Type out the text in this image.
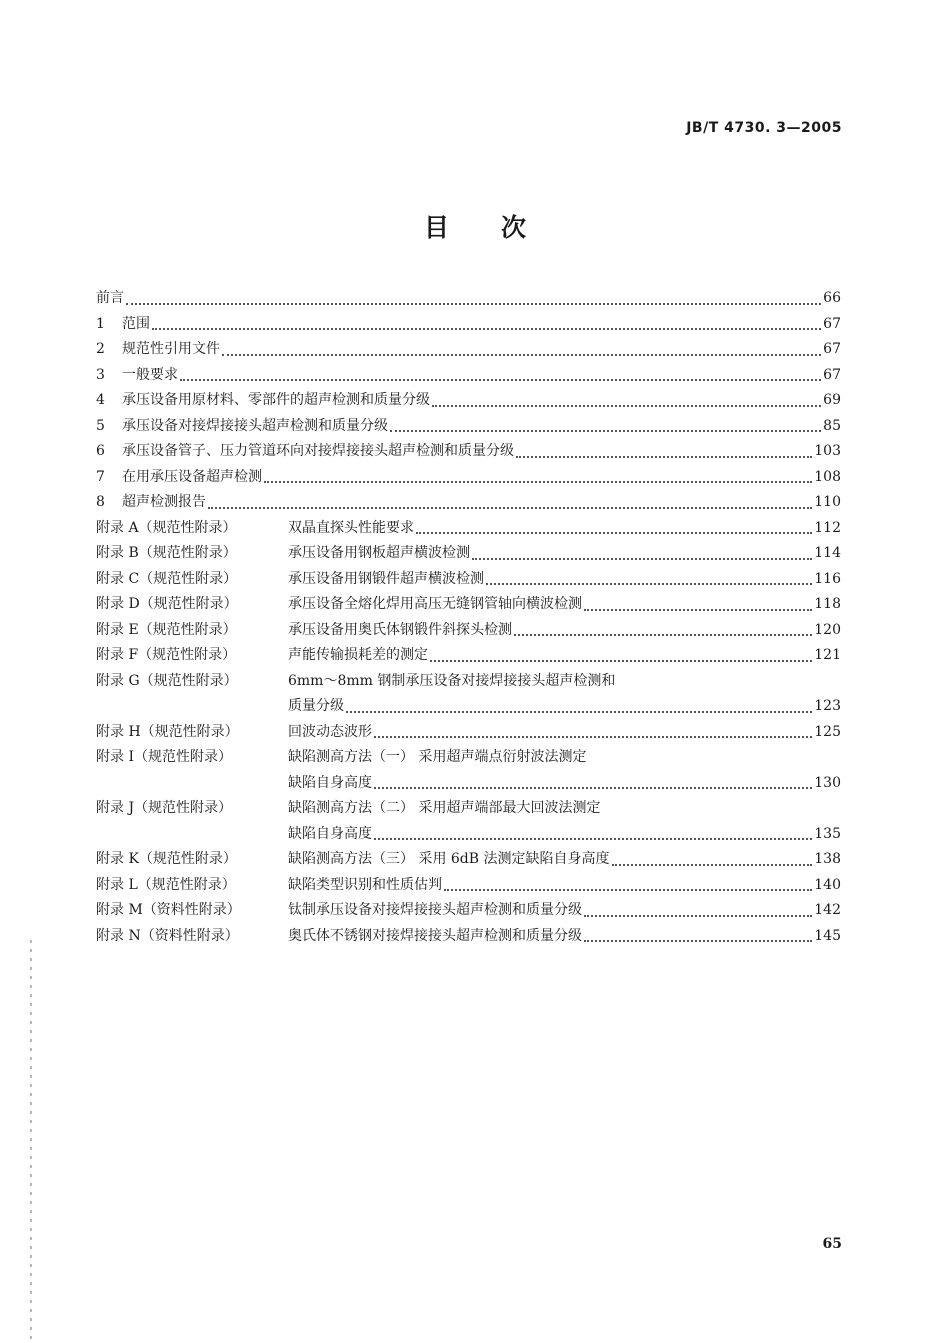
JB/T 4730. 3—2005
目 次
前言	66
1	范围	67
2	规范性引用文件	67
3	一般要求	67
4	承压设备用原材料、零部件的超声检测和质量分级	69
5	承压设备对接焊接接头超声检测和质量分级	85
6	承压设备管子、压力管道环向对接焊接接头超声检测和质量分级	103
7	在用承压设备超声检测	108
8	超声检测报告	110
附录 A（规范性附录）	双晶直探头性能要求	112
附录 B（规范性附录）	承压设备用钢板超声横波检测	114
附录 C（规范性附录）	承压设备用钢锻件超声横波检测	116
附录 D（规范性附录）	承压设备全熔化焊用高压无缝钢管轴向横波检测	118
附录 E（规范性附录）	承压设备用奥氏体钢锻件斜探头检测	120
附录 F（规范性附录）	声能传输损耗差的测定	121
附录 G（规范性附录）	6mm～8mm 钢制承压设备对接焊接接头超声检测和
质量分级	123
附录 H（规范性附录）	回波动态波形	125
附录 I（规范性附录）	缺陷测高方法（一） 采用超声端点衍射波法测定
缺陷自身高度	130
附录 J（规范性附录）	缺陷测高方法（二） 采用超声端部最大回波法测定
缺陷自身高度	135
附录 K（规范性附录）	缺陷测高方法（三） 采用 6dB 法测定缺陷自身高度	138
附录 L（规范性附录）	缺陷类型识别和性质估判	140
附录 M（资料性附录）	钛制承压设备对接焊接接头超声检测和质量分级	142
附录 N（资料性附录）	奥氏体不锈钢对接焊接接头超声检测和质量分级	145
65
